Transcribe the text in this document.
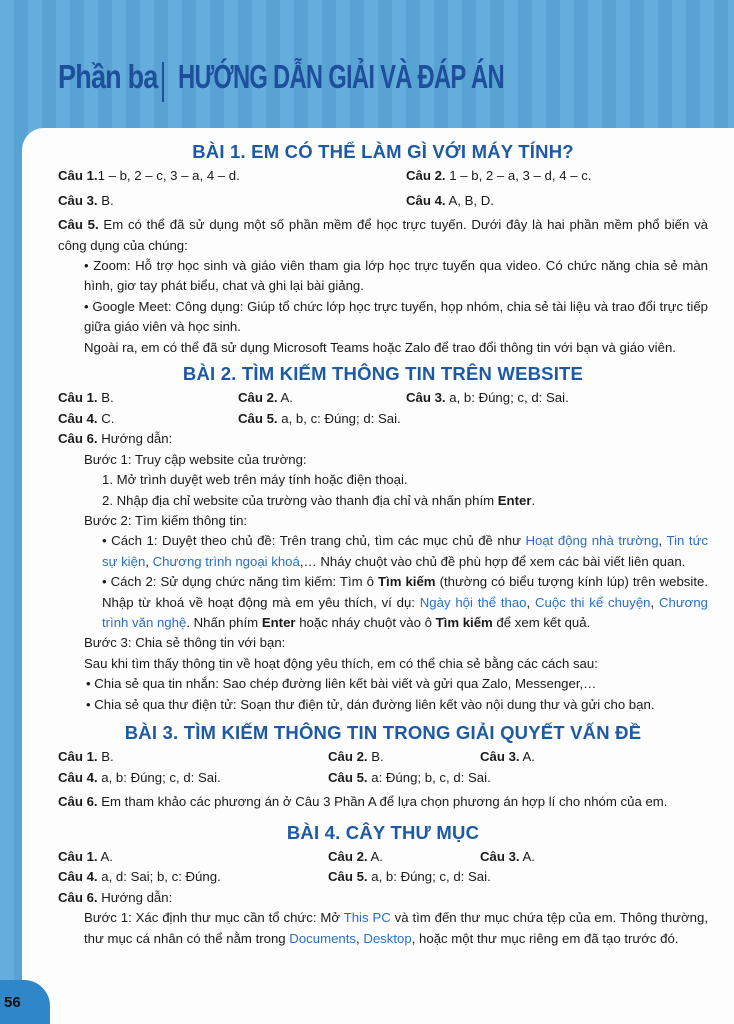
Phần ba HƯỚNG DẪN GIẢI VÀ ĐÁP ÁN
BÀI 1. EM CÓ THỂ LÀM GÌ VỚI MÁY TÍNH?
Câu 1.1 – b, 2 – c, 3 – a, 4 – d.	Câu 2. 1 – b, 2 – a, 3 – d, 4 – c.
Câu 3. B.	Câu 4. A, B, D.
Câu 5. Em có thể đã sử dụng một số phần mềm để học trực tuyến. Dưới đây là hai phần mềm phổ biến và công dụng của chúng:
• Zoom: Hỗ trợ học sinh và giáo viên tham gia lớp học trực tuyến qua video. Có chức năng chia sẻ màn hình, giơ tay phát biểu, chat và ghi lại bài giảng.
• Google Meet: Công dụng: Giúp tổ chức lớp học trực tuyến, họp nhóm, chia sẻ tài liệu và trao đổi trực tiếp giữa giáo viên và học sinh.
Ngoài ra, em có thể đã sử dụng Microsoft Teams hoặc Zalo để trao đổi thông tin với bạn và giáo viên.
BÀI 2. TÌM KIẾM THÔNG TIN TRÊN WEBSITE
Câu 1. B.	Câu 2. A.	Câu 3. a, b: Đúng; c, d: Sai.
Câu 4. C.	Câu 5. a, b, c: Đúng; d: Sai.
Câu 6. Hướng dẫn:
Bước 1: Truy cập website của trường:
1. Mở trình duyệt web trên máy tính hoặc điện thoại.
2. Nhập địa chỉ website của trường vào thanh địa chỉ và nhấn phím Enter.
Bước 2: Tìm kiếm thông tin:
• Cách 1: Duyệt theo chủ đề: Trên trang chủ, tìm các mục chủ đề như Hoạt động nhà trường, Tin tức sự kiện, Chương trình ngoại khoá,… Nháy chuột vào chủ đề phù hợp để xem các bài viết liên quan.
• Cách 2: Sử dụng chức năng tìm kiếm: Tìm ô Tìm kiếm (thường có biểu tượng kính lúp) trên website. Nhập từ khoá về hoạt động mà em yêu thích, ví dụ: Ngày hội thể thao, Cuộc thi kể chuyện, Chương trình văn nghệ. Nhấn phím Enter hoặc nháy chuột vào ô Tìm kiếm để xem kết quả.
Bước 3: Chia sẻ thông tin với bạn:
Sau khi tìm thấy thông tin về hoạt động yêu thích, em có thể chia sẻ bằng các cách sau:
• Chia sẻ qua tin nhắn: Sao chép đường liên kết bài viết và gửi qua Zalo, Messenger,…
• Chia sẻ qua thư điện tử: Soạn thư điện tử, dán đường liên kết vào nội dung thư và gửi cho bạn.
BÀI 3. TÌM KIẾM THÔNG TIN TRONG GIẢI QUYẾT VẤN ĐỀ
Câu 1. B.	Câu 2. B.	Câu 3. A.
Câu 4. a, b: Đúng; c, d: Sai.	Câu 5. a: Đúng; b, c, d: Sai.
Câu 6. Em tham khảo các phương án ở Câu 3 Phần A để lựa chọn phương án hợp lí cho nhóm của em.
BÀI 4. CÂY THƯ MỤC
Câu 1. A.	Câu 2. A.	Câu 3. A.
Câu 4. a, d: Sai; b, c: Đúng.	Câu 5. a, b: Đúng; c, d: Sai.
Câu 6. Hướng dẫn:
Bước 1: Xác định thư mục cần tổ chức: Mở This PC và tìm đến thư mục chứa tệp của em. Thông thường, thư mục cá nhân có thể nằm trong Documents, Desktop, hoặc một thư mục riêng em đã tạo trước đó.
56
